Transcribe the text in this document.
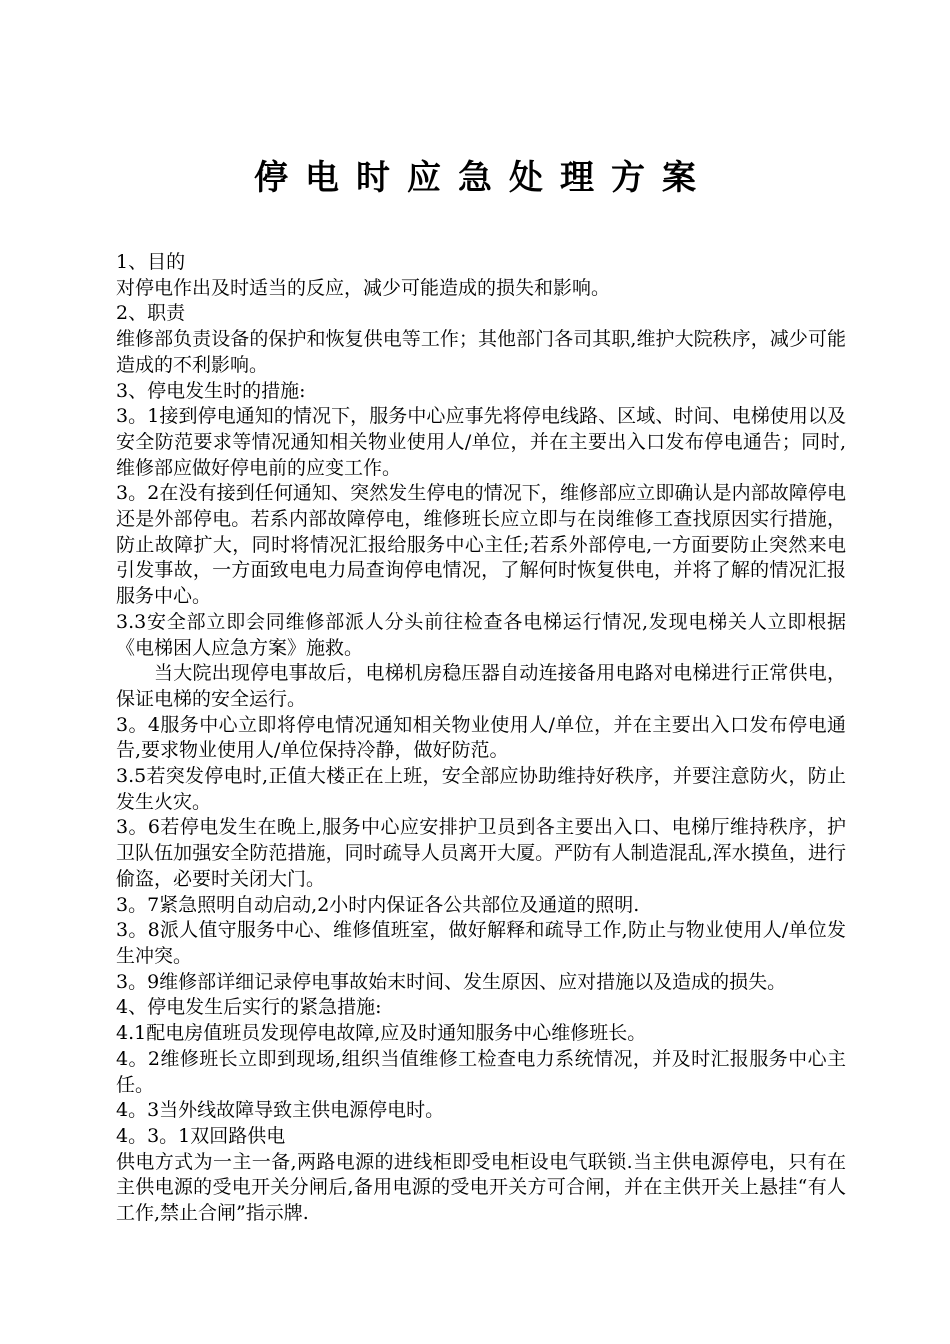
停电时应急处理方案

1、目的

对停电作出及时适当的反应，减少可能造成的损失和影响。

2、职责

维修部负责设备的保护和恢复供电等工作；其他部门各司其职,维护大院秩序，减少可能造成的不利影响。

3、停电发生时的措施:

3。1接到停电通知的情况下，服务中心应事先将停电线路、区域、时间、电梯使用以及安全防范要求等情况通知相关物业使用人/单位，并在主要出入口发布停电通告；同时,维修部应做好停电前的应变工作。

3。2在没有接到任何通知、突然发生停电的情况下，维修部应立即确认是内部故障停电还是外部停电。若系内部故障停电，维修班长应立即与在岗维修工查找原因实行措施，防止故障扩大，同时将情况汇报给服务中心主任;若系外部停电,一方面要防止突然来电引发事故，一方面致电电力局查询停电情况，了解何时恢复供电，并将了解的情况汇报服务中心。

3.3安全部立即会同维修部派人分头前往检查各电梯运行情况,发现电梯关人立即根据《电梯困人应急方案》施救。

当大院出现停电事故后，电梯机房稳压器自动连接备用电路对电梯进行正常供电，保证电梯的安全运行。

3。4服务中心立即将停电情况通知相关物业使用人/单位，并在主要出入口发布停电通告,要求物业使用人/单位保持冷静，做好防范。

3.5若突发停电时,正值大楼正在上班，安全部应协助维持好秩序，并要注意防火，防止发生火灾。

3。6若停电发生在晚上,服务中心应安排护卫员到各主要出入口、电梯厅维持秩序，护卫队伍加强安全防范措施，同时疏导人员离开大厦。严防有人制造混乱,浑水摸鱼，进行偷盗，必要时关闭大门。

3。7紧急照明自动启动,2小时内保证各公共部位及通道的照明.

3。8派人值守服务中心、维修值班室，做好解释和疏导工作,防止与物业使用人/单位发生冲突。

3。9维修部详细记录停电事故始末时间、发生原因、应对措施以及造成的损失。

4、停电发生后实行的紧急措施:

4.1配电房值班员发现停电故障,应及时通知服务中心维修班长。

4。2维修班长立即到现场,组织当值维修工检查电力系统情况，并及时汇报服务中心主任。

4。3当外线故障导致主供电源停电时。

4。3。1双回路供电

供电方式为一主一备,两路电源的进线柜即受电柜设电气联锁.当主供电源停电，只有在主供电源的受电开关分闸后,备用电源的受电开关方可合闸，并在主供开关上悬挂“有人工作,禁止合闸”指示牌.
